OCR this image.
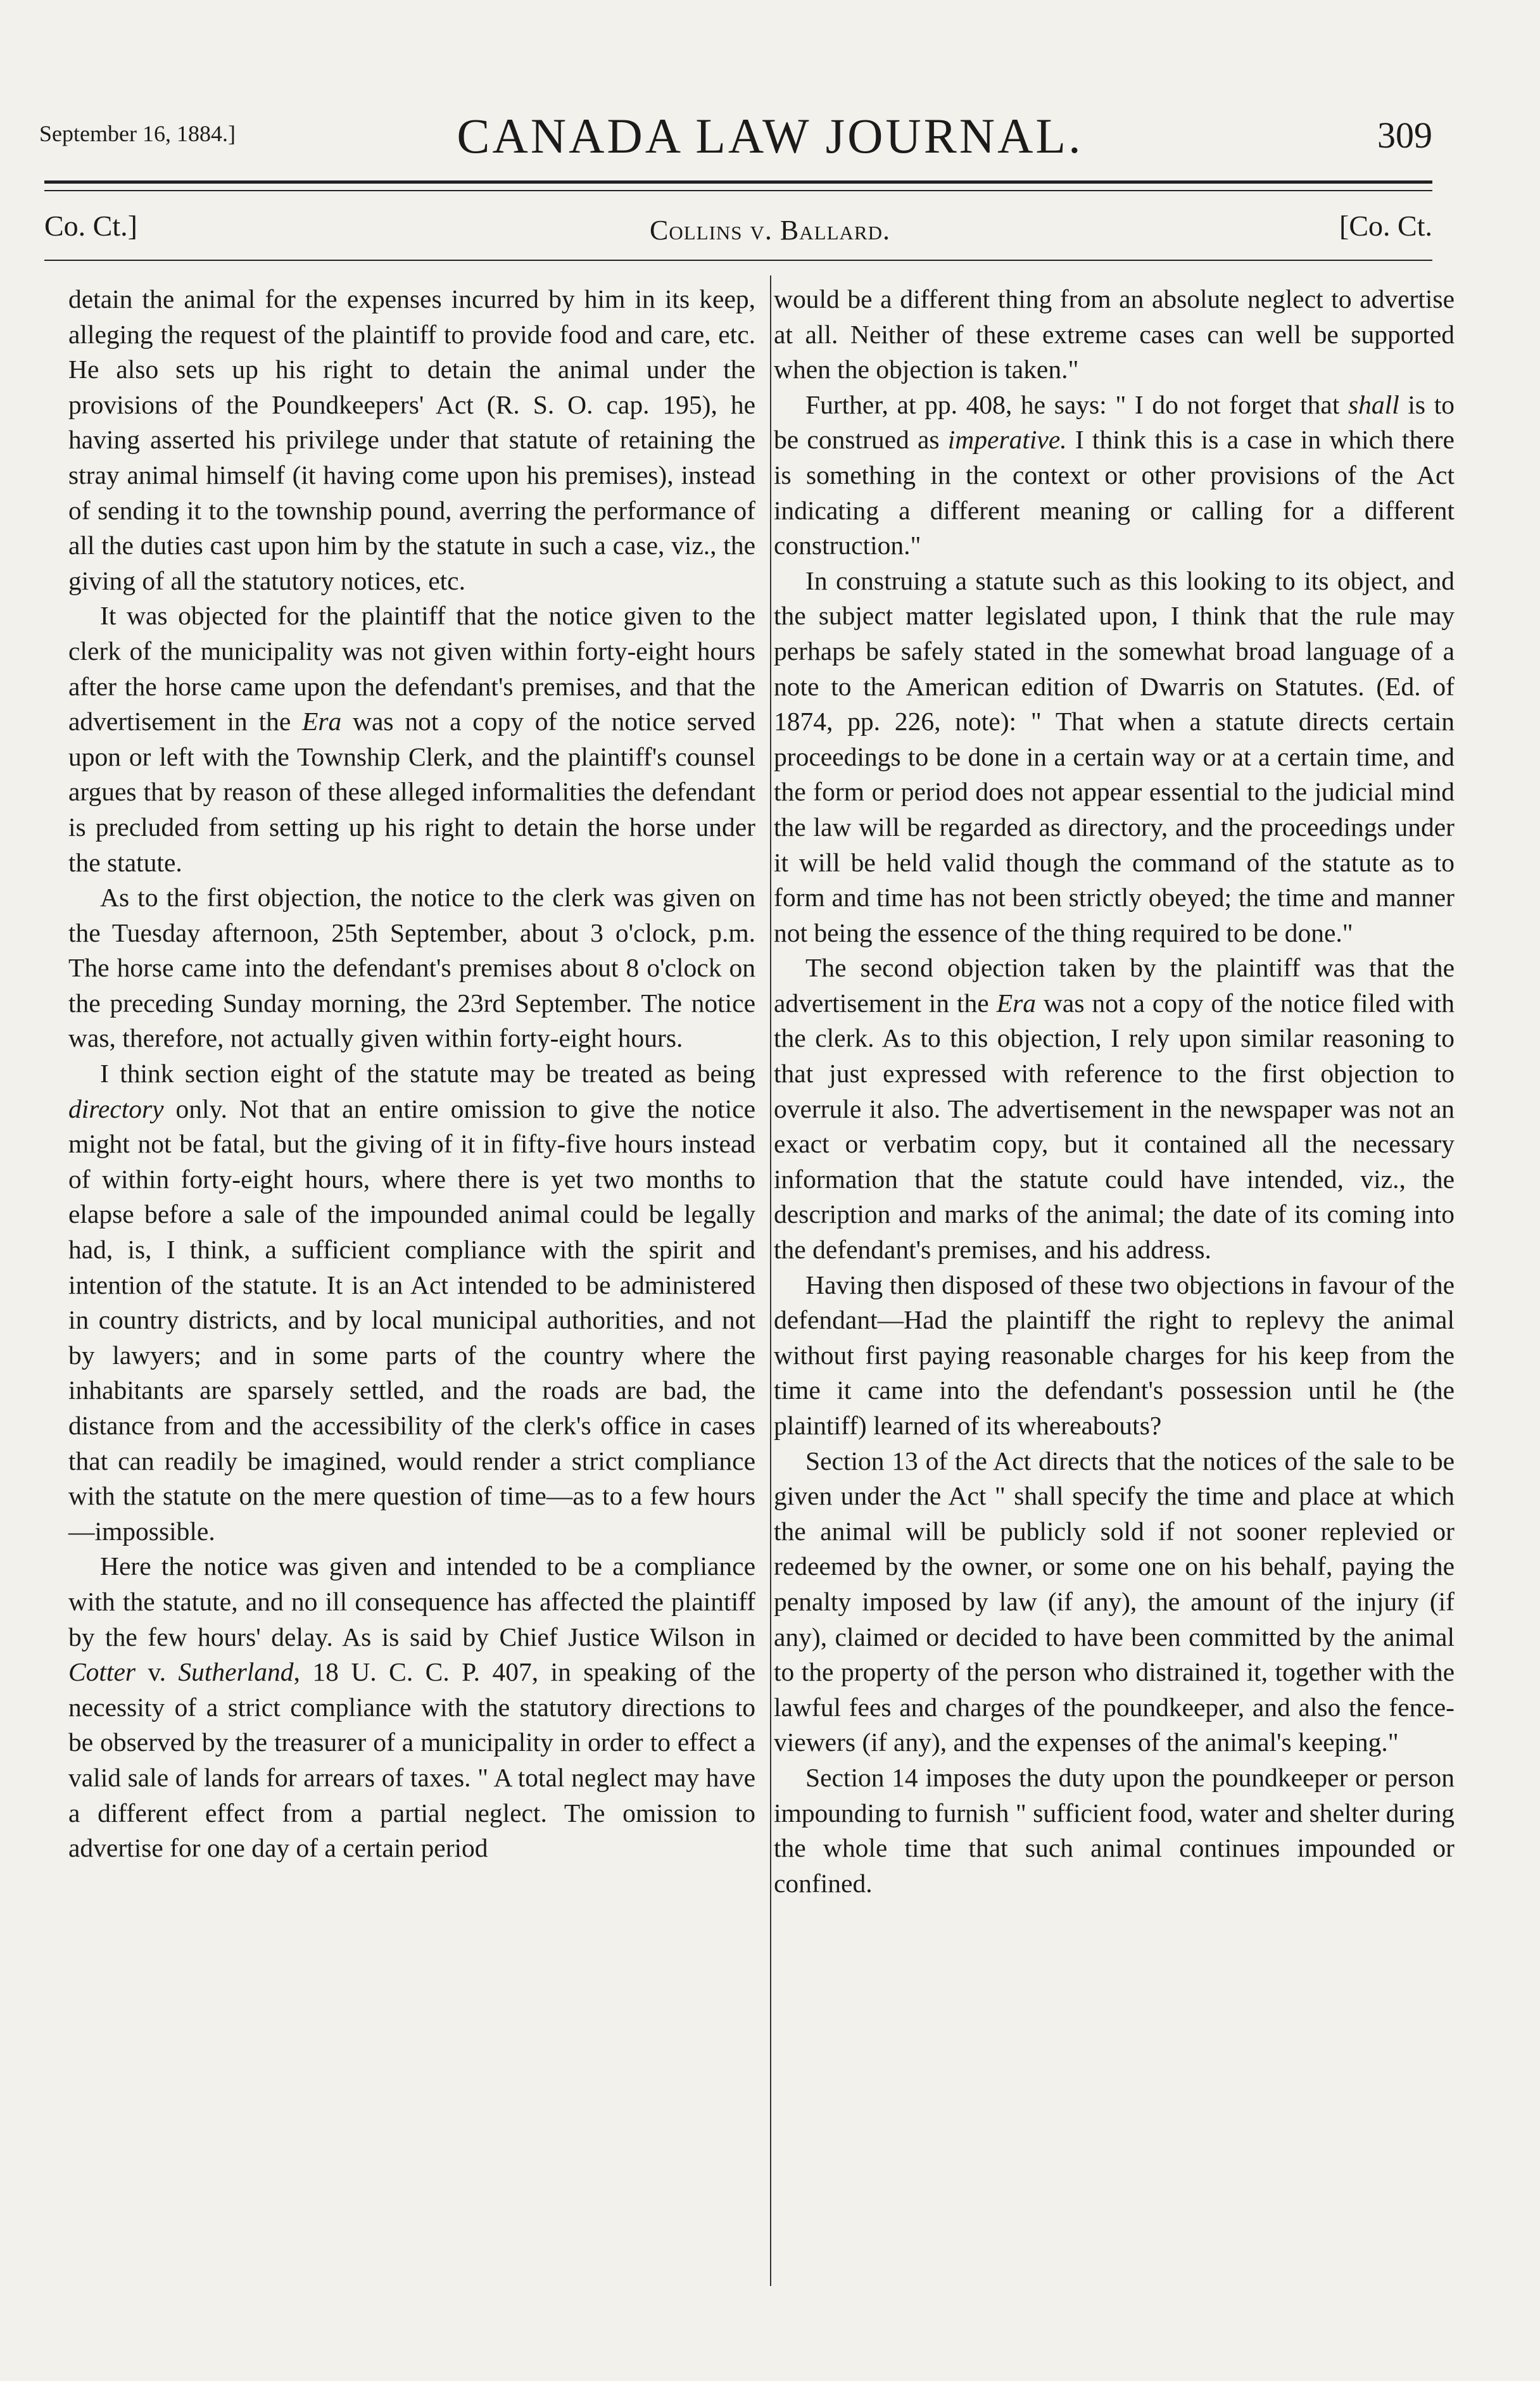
September 16, 1884.]	CANADA LAW JOURNAL.	309
Co. Ct.]	Collins v. Ballard.	[Co. Ct.

detain the animal for the expenses incurred by him in its keep, alleging the request of the plaintiff to provide food and care, etc. He also sets up his right to detain the animal under the provisions of the Poundkeepers' Act (R. S. O. cap. 195), he having asserted his privilege under that statute of retaining the stray animal himself (it having come upon his premises), instead of sending it to the township pound, averring the performance of all the duties cast upon him by the statute in such a case, viz., the giving of all the statutory notices, etc.

It was objected for the plaintiff that the notice given to the clerk of the municipality was not given within forty-eight hours after the horse came upon the defendant's premises, and that the advertisement in the Era was not a copy of the notice served upon or left with the Township Clerk, and the plaintiff's counsel argues that by reason of these alleged informalities the defendant is precluded from setting up his right to detain the horse under the statute.

As to the first objection, the notice to the clerk was given on the Tuesday afternoon, 25th September, about 3 o'clock, p.m. The horse came into the defendant's premises about 8 o'clock on the preceding Sunday morning, the 23rd September. The notice was, therefore, not actually given within forty-eight hours.

I think section eight of the statute may be treated as being directory only. Not that an entire omission to give the notice might not be fatal, but the giving of it in fifty-five hours instead of within forty-eight hours, where there is yet two months to elapse before a sale of the impounded animal could be legally had, is, I think, a sufficient compliance with the spirit and intention of the statute. It is an Act intended to be administered in country districts, and by local municipal authorities, and not by lawyers; and in some parts of the country where the inhabitants are sparsely settled, and the roads are bad, the distance from and the accessibility of the clerk's office in cases that can readily be imagined, would render a strict compliance with the statute on the mere question of time—as to a few hours—impossible.

Here the notice was given and intended to be a compliance with the statute, and no ill consequence has affected the plaintiff by the few hours' delay. As is said by Chief Justice Wilson in Cotter v. Sutherland, 18 U. C. C. P. 407, in speaking of the necessity of a strict compliance with the statutory directions to be observed by the treasurer of a municipality in order to effect a valid sale of lands for arrears of taxes. " A total neglect may have a different effect from a partial neglect. The omission to advertise for one day of a certain period

would be a different thing from an absolute neglect to advertise at all. Neither of these extreme cases can well be supported when the objection is taken."

Further, at pp. 408, he says: " I do not forget that shall is to be construed as imperative. I think this is a case in which there is something in the context or other provisions of the Act indicating a different meaning or calling for a different construction."

In construing a statute such as this looking to its object, and the subject matter legislated upon, I think that the rule may perhaps be safely stated in the somewhat broad language of a note to the American edition of Dwarris on Statutes. (Ed. of 1874, pp. 226, note): " That when a statute directs certain proceedings to be done in a certain way or at a certain time, and the form or period does not appear essential to the judicial mind the law will be regarded as directory, and the proceedings under it will be held valid though the command of the statute as to form and time has not been strictly obeyed; the time and manner not being the essence of the thing required to be done."

The second objection taken by the plaintiff was that the advertisement in the Era was not a copy of the notice filed with the clerk. As to this objection, I rely upon similar reasoning to that just expressed with reference to the first objection to overrule it also. The advertisement in the newspaper was not an exact or verbatim copy, but it contained all the necessary information that the statute could have intended, viz., the description and marks of the animal; the date of its coming into the defendant's premises, and his address.

Having then disposed of these two objections in favour of the defendant—Had the plaintiff the right to replevy the animal without first paying reasonable charges for his keep from the time it came into the defendant's possession until he (the plaintiff) learned of its whereabouts?

Section 13 of the Act directs that the notices of the sale to be given under the Act " shall specify the time and place at which the animal will be publicly sold if not sooner replevied or redeemed by the owner, or some one on his behalf, paying the penalty imposed by law (if any), the amount of the injury (if any), claimed or decided to have been committed by the animal to the property of the person who distrained it, together with the lawful fees and charges of the poundkeeper, and also the fence-viewers (if any), and the expenses of the animal's keeping."

Section 14 imposes the duty upon the poundkeeper or person impounding to furnish " sufficient food, water and shelter during the whole time that such animal continues impounded or confined.
